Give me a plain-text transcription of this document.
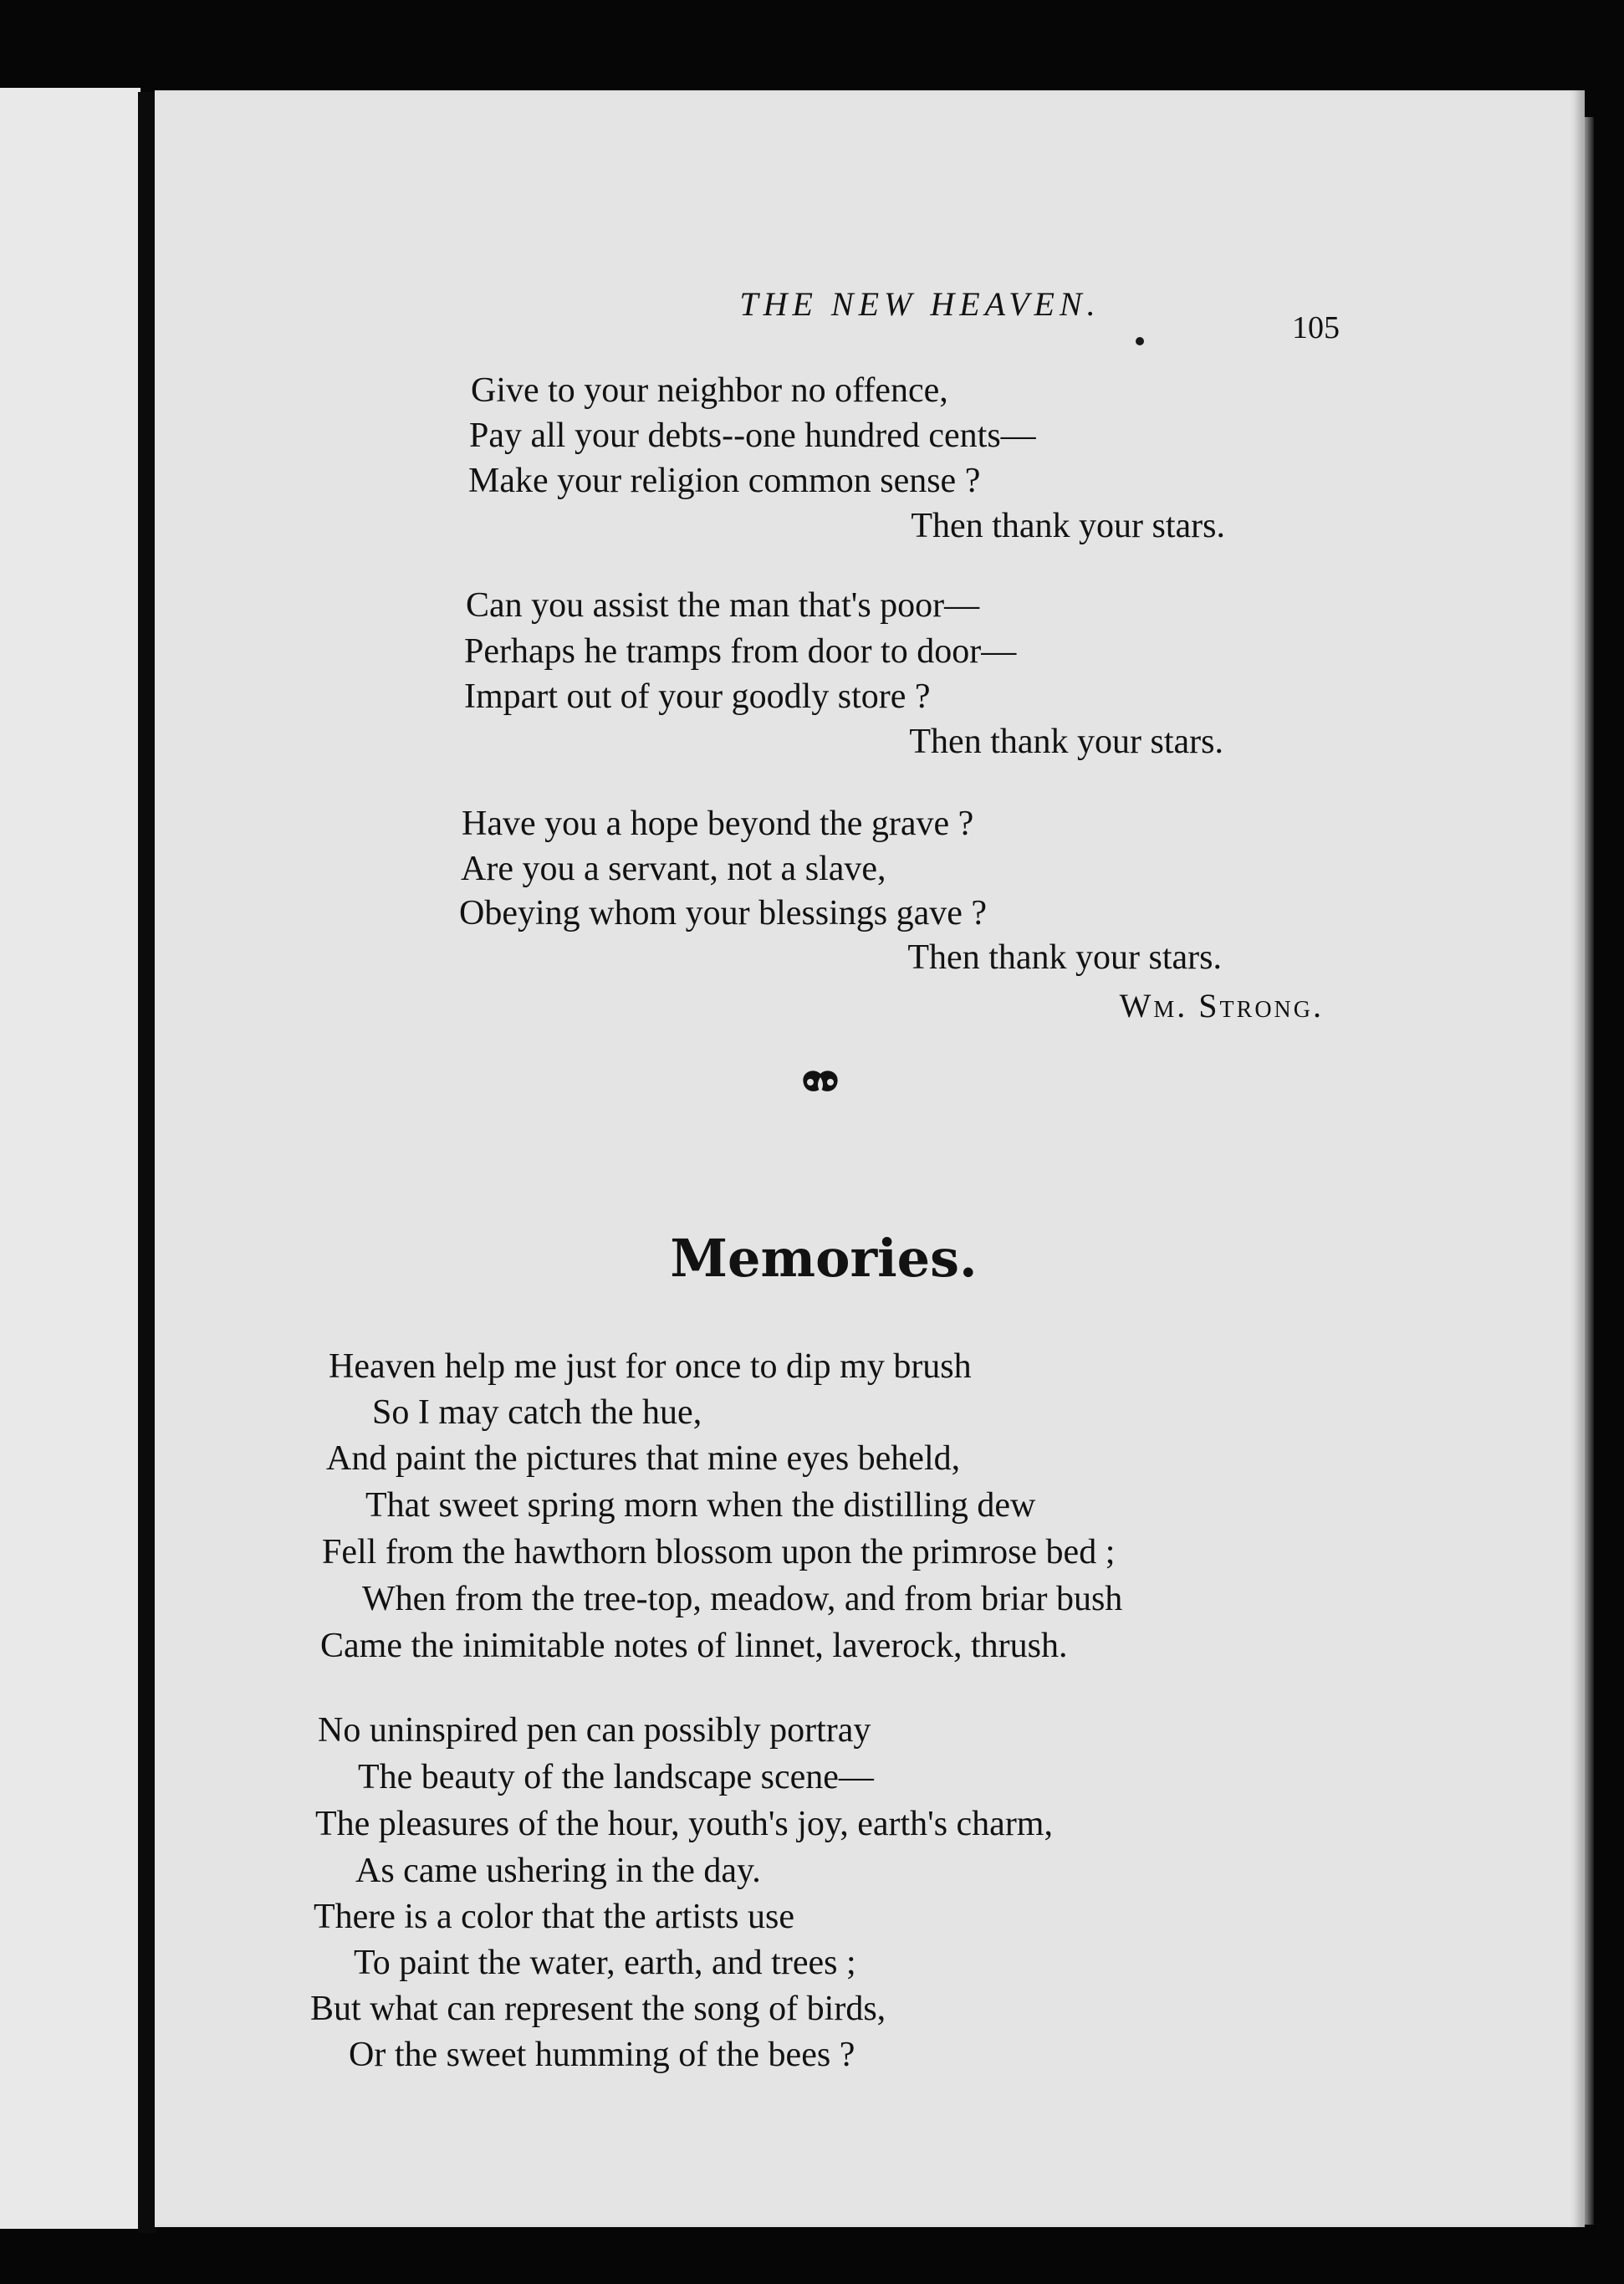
THE NEW HEAVEN.
105
Give to your neighbor no offence,
Pay all your debts--one hundred cents—
Make your religion common sense ?
Then thank your stars.
Can you assist the man that's poor—
Perhaps he tramps from door to door—
Impart out of your goodly store ?
Then thank your stars.
Have you a hope beyond the grave ?
Are you a servant, not a slave,
Obeying whom your blessings gave ?
Then thank your stars.
Wm. Strong.
Memories.
Heaven help me just for once to dip my brush
So I may catch the hue,
And paint the pictures that mine eyes beheld,
That sweet spring morn when the distilling dew
Fell from the hawthorn blossom upon the primrose bed ;
When from the tree-top, meadow, and from briar bush
Came the inimitable notes of linnet, laverock, thrush.
No uninspired pen can possibly portray
The beauty of the landscape scene—
The pleasures of the hour, youth's joy, earth's charm,
As came ushering in the day.
There is a color that the artists use
To paint the water, earth, and trees ;
But what can represent the song of birds,
Or the sweet humming of the bees ?
